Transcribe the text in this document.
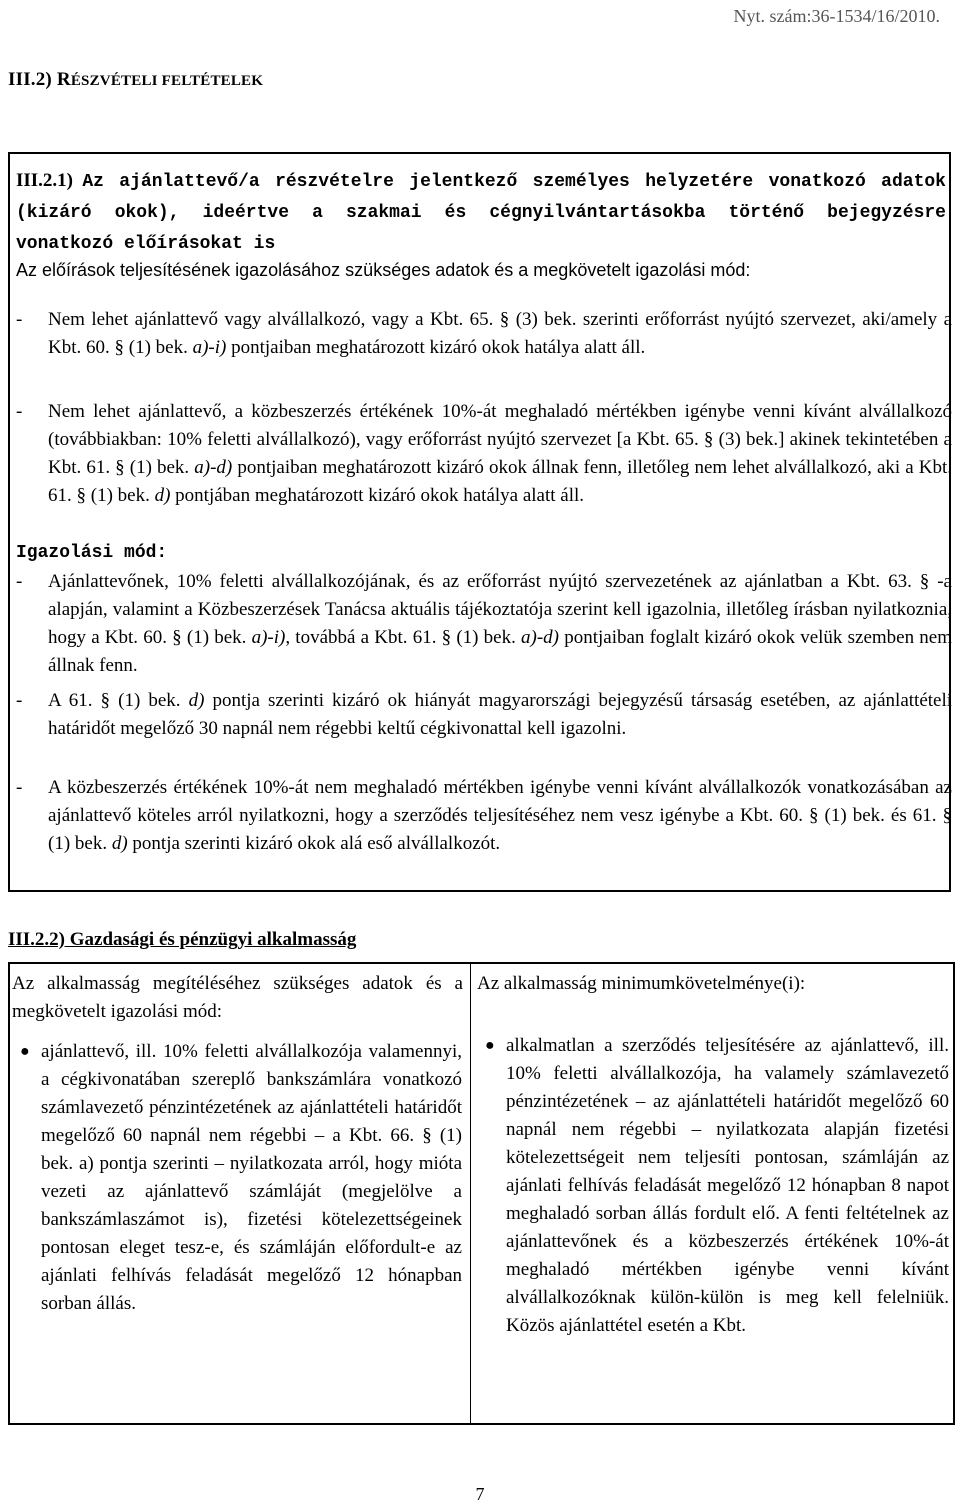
Nyt. szám:36-1534/16/2010.
III.2) RÉSZVÉTELI FELTÉTELEK
III.2.1) Az ajánlattevő/a részvételre jelentkező személyes helyzetére vonatkozó adatok (kizáró okok), ideértve a szakmai és cégnyilvántartásokba történő bejegyzésre vonatkozó előírásokat is
Az előírások teljesítésének igazolásához szükséges adatok és a megkövetelt igazolási mód:
- Nem lehet ajánlattevő vagy alvállalkozó, vagy a Kbt. 65. § (3) bek. szerinti erőforrást nyújtó szervezet, aki/amely a Kbt. 60. § (1) bek. a)-i) pontjaiban meghatározott kizáró okok hatálya alatt áll.
- Nem lehet ajánlattevő, a közbeszerzés értékének 10%-át meghaladó mértékben igénybe venni kívánt alvállalkozó (továbbiakban: 10% feletti alvállalkozó), vagy erőforrást nyújtó szervezet [a Kbt. 65. § (3) bek.] akinek tekintetében a Kbt. 61. § (1) bek. a)-d) pontjaiban meghatározott kizáró okok állnak fenn, illetőleg nem lehet alvállalkozó, aki a Kbt. 61. § (1) bek. d) pontjában meghatározott kizáró okok hatálya alatt áll.
Igazolási mód:
- Ajánlattevőnek, 10% feletti alvállalkozójának, és az erőforrást nyújtó szervezetének az ajánlatban a Kbt. 63. § -a alapján, valamint a Közbeszerzések Tanácsa aktuális tájékoztatója szerint kell igazolnia, illetőleg írásban nyilatkoznia, hogy a Kbt. 60. § (1) bek. a)-i), továbbá a Kbt. 61. § (1) bek. a)-d) pontjaiban foglalt kizáró okok velük szemben nem állnak fenn.
- A 61. § (1) bek. d) pontja szerinti kizáró ok hiányát magyarországi bejegyzésű társaság esetében, az ajánlattételi határidőt megelőző 30 napnál nem régebbi keltű cégkivonattal kell igazolni.
- A közbeszerzés értékének 10%-át nem meghaladó mértékben igénybe venni kívánt alvállalkozók vonatkozásában az ajánlattevő köteles arról nyilatkozni, hogy a szerződés teljesítéséhez nem vesz igénybe a Kbt. 60. § (1) bek. és 61. § (1) bek. d) pontja szerinti kizáró okok alá eső alvállalkozót.
III.2.2) Gazdasági és pénzügyi alkalmasság
Az alkalmasság megítéléséhez szükséges adatok és a megkövetelt igazolási mód:
● ajánlattevő, ill. 10% feletti alvállalkozója valamennyi, a cégkivonatában szereplő bankszámlára vonatkozó számlavezető pénzintézetének az ajánlattételi határidőt megelőző 60 napnál nem régebbi – a Kbt. 66. § (1) bek. a) pontja szerinti – nyilatkozata arról, hogy mióta vezeti az ajánlattevő számláját (megjelölve a bankszámlaszámot is), fizetési kötelezettségeinek pontosan eleget tesz-e, és számláján előfordult-e az ajánlati felhívás feladását megelőző 12 hónapban sorban állás.
Az alkalmasság minimumkövetelménye(i):
● alkalmatlan a szerződés teljesítésére az ajánlattevő, ill. 10% feletti alvállalkozója, ha valamely számlavezető pénzintézetének – az ajánlattételi határidőt megelőző 60 napnál nem régebbi – nyilatkozata alapján fizetési kötelezettségeit nem teljesíti pontosan, számláján az ajánlati felhívás feladását megelőző 12 hónapban 8 napot meghaladó sorban állás fordult elő. A fenti feltételnek az ajánlattevőnek és a közbeszerzés értékének 10%-át meghaladó mértékben igénybe venni kívánt alvállalkozóknak külön-külön is meg kell felelniük. Közös ajánlattétel esetén a Kbt.
7
